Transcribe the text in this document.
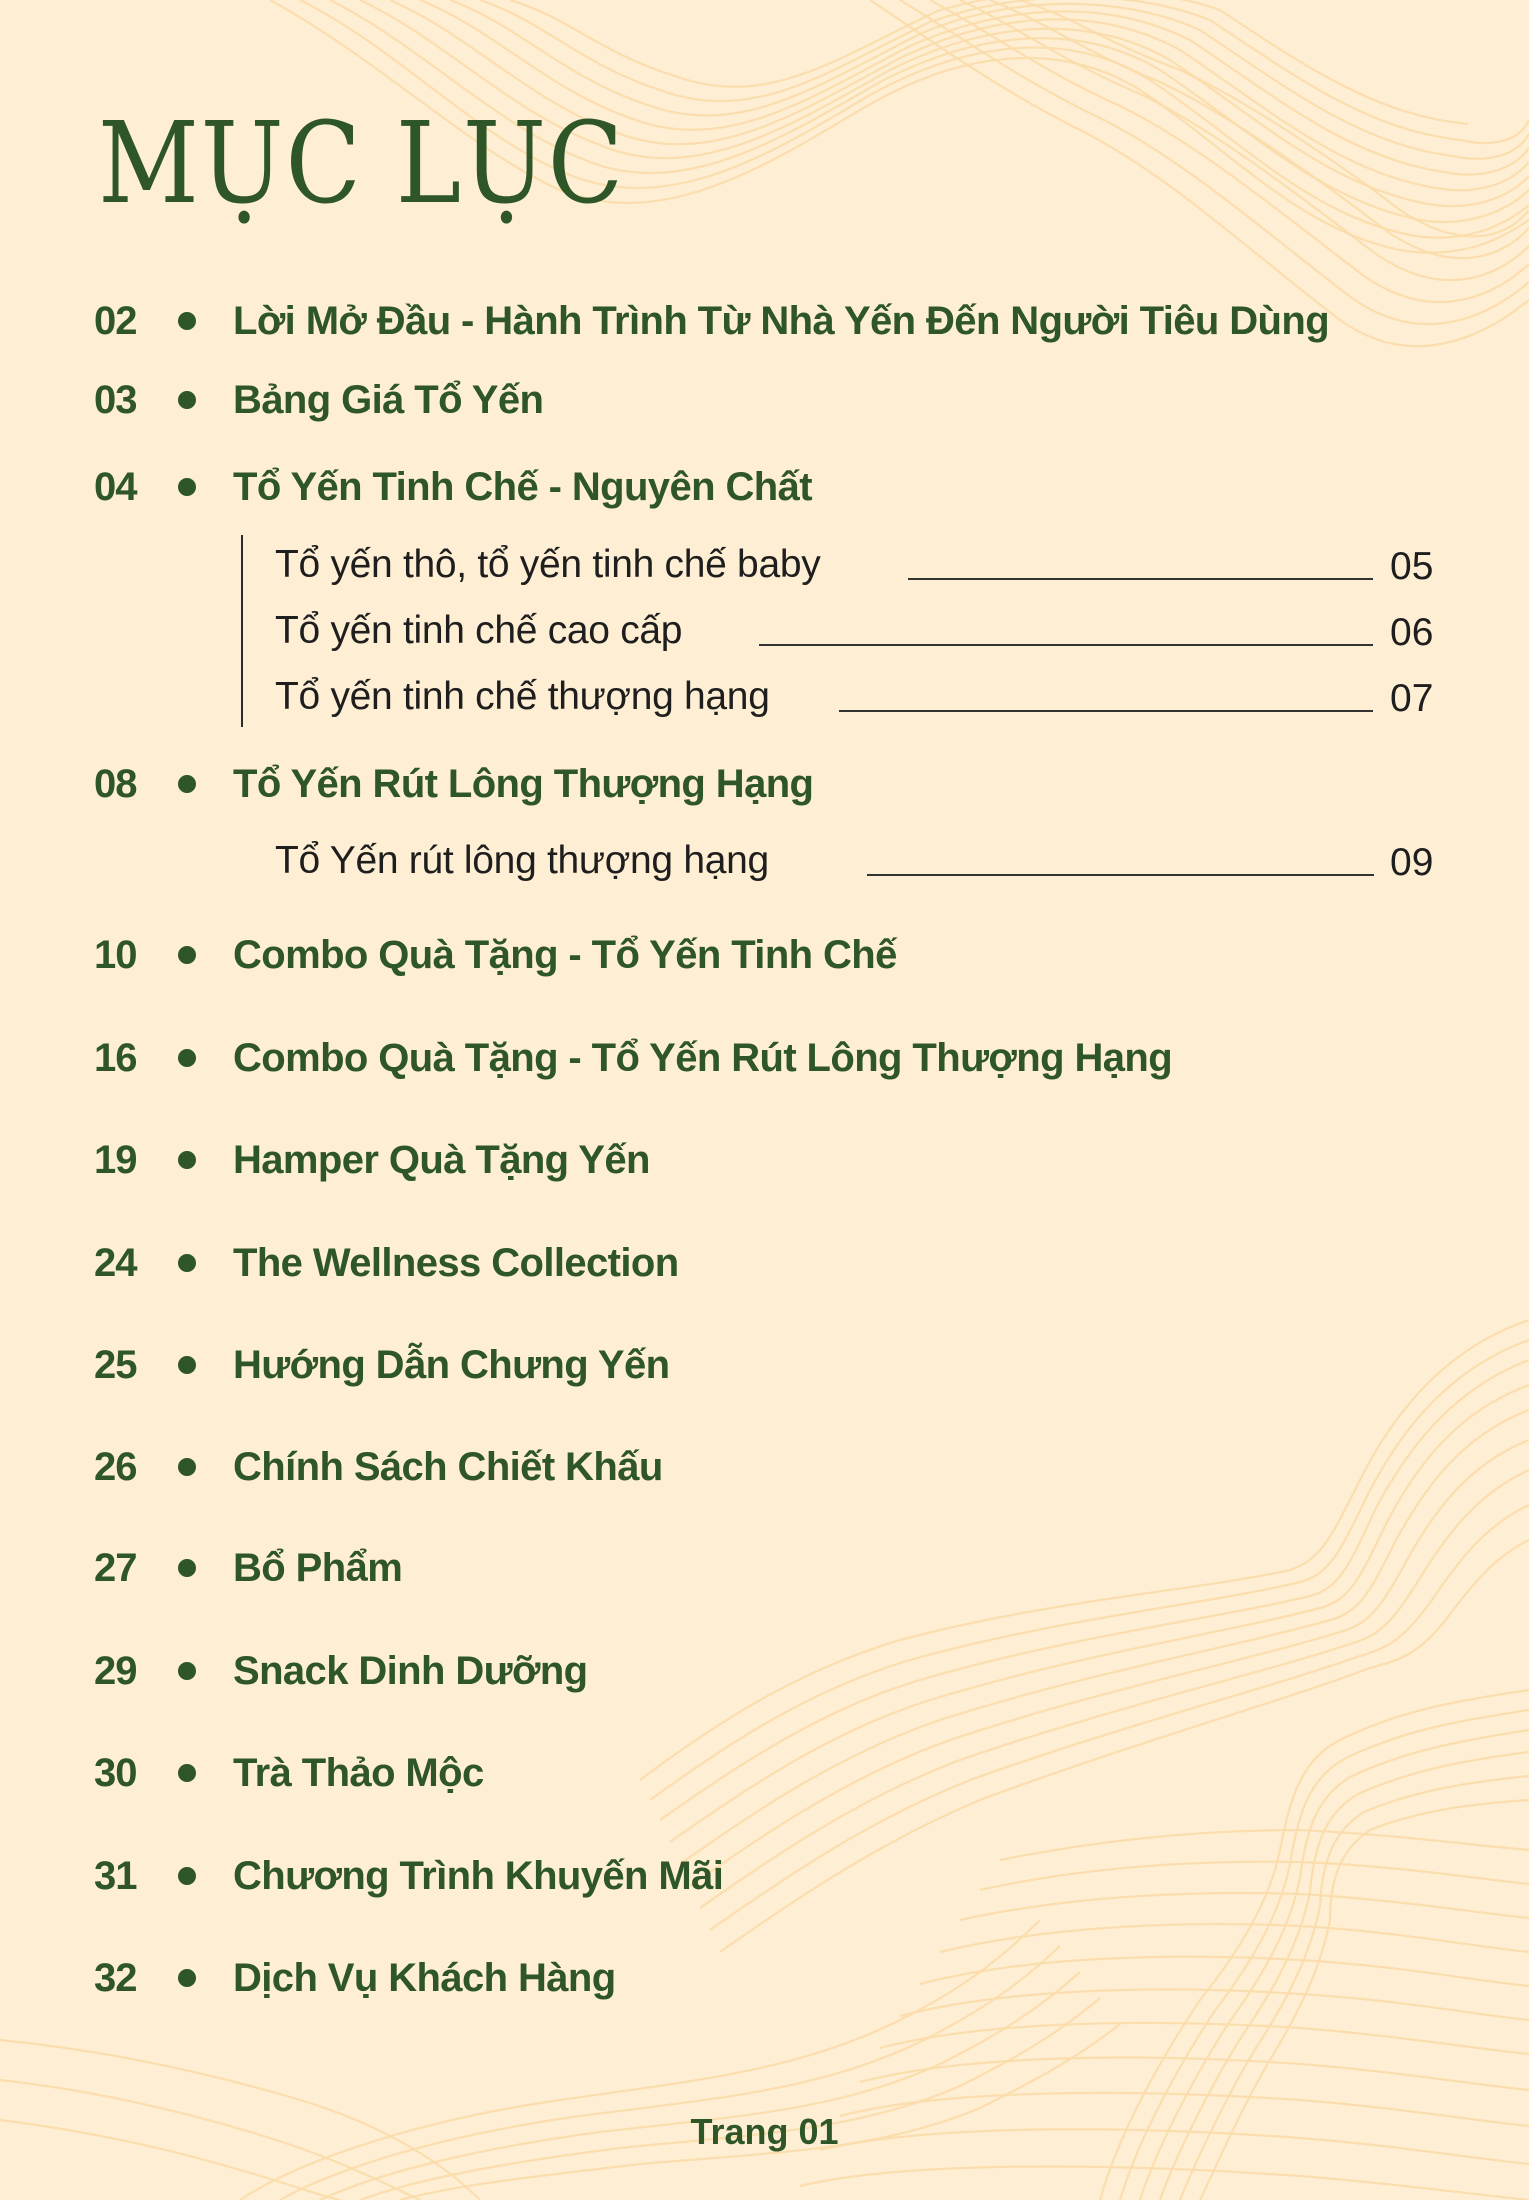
MỤC LỤC
02 Lời Mở Đầu - Hành Trình Từ Nhà Yến Đến Người Tiêu Dùng
03 Bảng Giá Tổ Yến
04 Tổ Yến Tinh Chế - Nguyên Chất
Tổ yến thô, tổ yến tinh chế baby	05
Tổ yến tinh chế cao cấp	06
Tổ yến tinh chế thượng hạng	07
08 Tổ Yến Rút Lông Thượng Hạng
Tổ Yến rút lông thượng hạng	09
10 Combo Quà Tặng - Tổ Yến Tinh Chế
16 Combo Quà Tặng - Tổ Yến Rút Lông Thượng Hạng
19 Hamper Quà Tặng Yến
24 The Wellness Collection
25 Hướng Dẫn Chưng Yến
26 Chính Sách Chiết Khấu
27 Bổ Phẩm
29 Snack Dinh Dưỡng
30 Trà Thảo Mộc
31 Chương Trình Khuyến Mãi
32 Dịch Vụ Khách Hàng
Trang 01
